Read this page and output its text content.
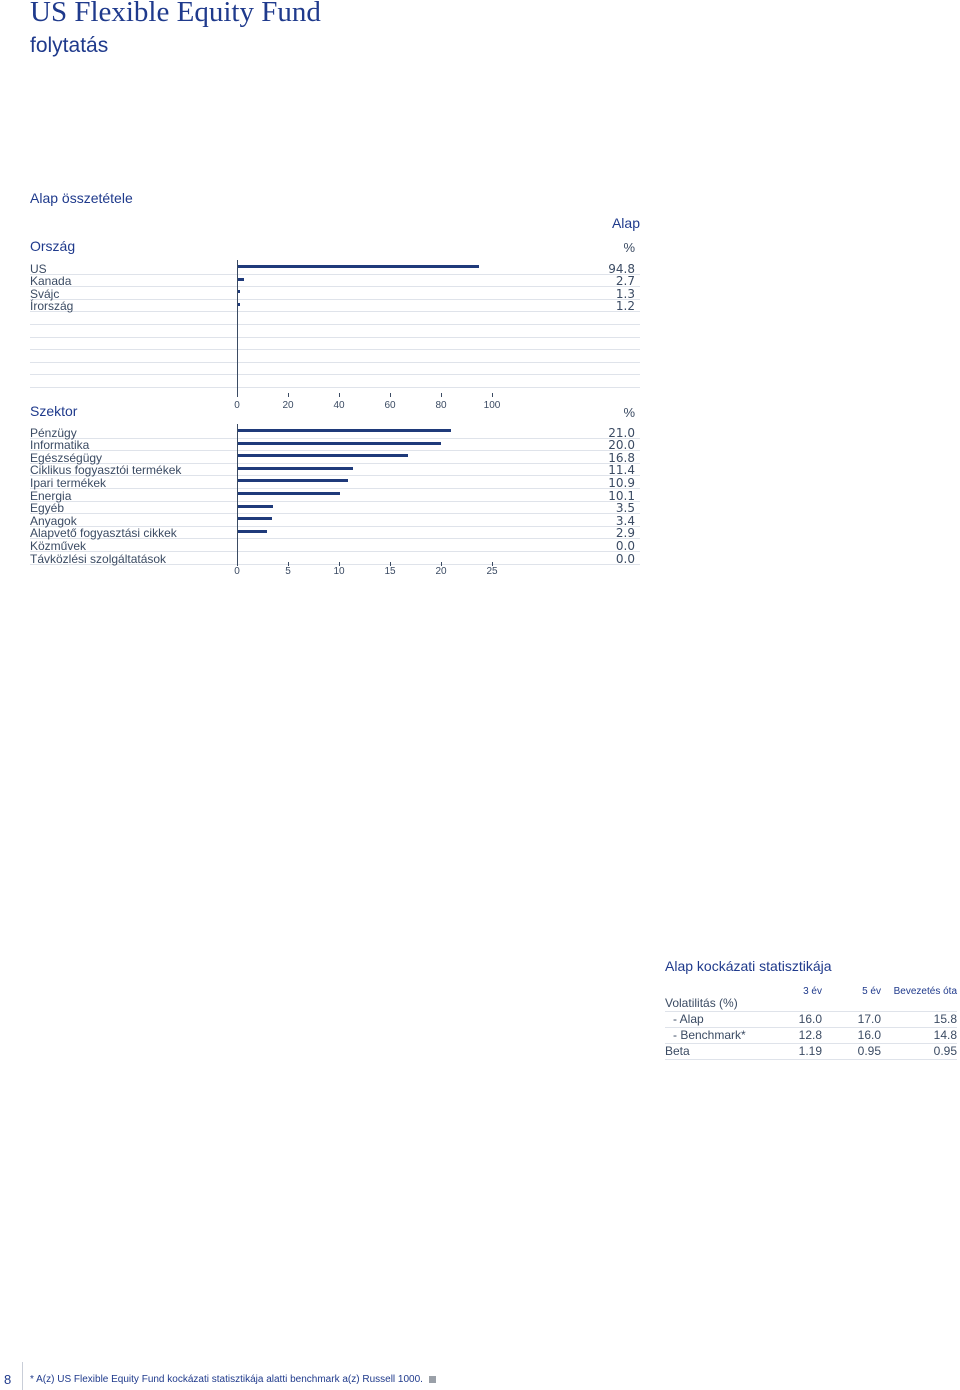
US Flexible Equity Fund
folytatás
Alap összetétele
Alap
Ország	%
Szektor	%
Alap kockázati statisztikája
8 * A(z) US Flexible Equity Fund kockázati statisztikája alatti benchmark a(z) Russell 1000.
US	94.8
Kanada	2.7
Svájc	1.3
Írország	1.2
0	20	40	60	80	100
Pénzügy	21.0
Informatika	20.0
Egészségügy	16.8
Ciklikus fogyasztói termékek	11.4
Ipari termékek	10.9
Energia	10.1
Egyéb	3.5
Anyagok	3.4
Alapvető fogyasztási cikkek	2.9
Közművek	0.0
Távközlési szolgáltatások	0.0
0	5	10	15	20	25
3 év	5 év	Bevezetés óta
Volatilitás (%)
- Alap	16.0	17.0	15.8
- Benchmark*	12.8	16.0	14.8
Beta	1.19	0.95	0.95
